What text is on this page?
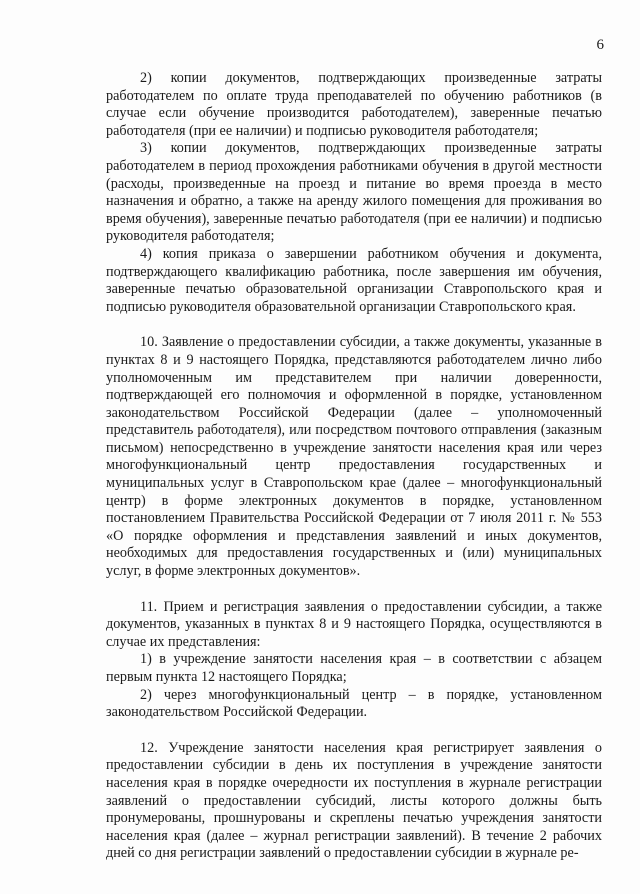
6

2) копии документов, подтверждающих произведенные затраты работодателем по оплате труда преподавателей по обучению работников (в случае если обучение производится работодателем), заверенные печатью работодателя (при ее наличии) и подписью руководителя работодателя;

3) копии документов, подтверждающих произведенные затраты работодателем в период прохождения работниками обучения в другой местности (расходы, произведенные на проезд и питание во время проезда в место назначения и обратно, а также на аренду жилого помещения для проживания во время обучения), заверенные печатью работодателя (при ее наличии) и подписью руководителя работодателя;

4) копия приказа о завершении работником обучения и документа, подтверждающего квалификацию работника, после завершения им обучения, заверенные печатью образовательной организации Ставропольского края и подписью руководителя образовательной организации Ставропольского края.

10. Заявление о предоставлении субсидии, а также документы, указанные в пунктах 8 и 9 настоящего Порядка, представляются работодателем лично либо уполномоченным им представителем при наличии доверенности, подтверждающей его полномочия и оформленной в порядке, установленном законодательством Российской Федерации (далее – уполномоченный представитель работодателя), или посредством почтового отправления (заказным письмом) непосредственно в учреждение занятости населения края или через многофункциональный центр предоставления государственных и муниципальных услуг в Ставропольском крае (далее – многофункциональный центр) в форме электронных документов в порядке, установленном постановлением Правительства Российской Федерации от 7 июля 2011 г. № 553 «О порядке оформления и представления заявлений и иных документов, необходимых для предоставления государственных и (или) муниципальных услуг, в форме электронных документов».

11. Прием и регистрация заявления о предоставлении субсидии, а также документов, указанных в пунктах 8 и 9 настоящего Порядка, осуществляются в случае их представления:

1) в учреждение занятости населения края – в соответствии с абзацем первым пункта 12 настоящего Порядка;

2) через многофункциональный центр – в порядке, установленном законодательством Российской Федерации.

12. Учреждение занятости населения края регистрирует заявления о предоставлении субсидии в день их поступления в учреждение занятости населения края в порядке очередности их поступления в журнале регистрации заявлений о предоставлении субсидий, листы которого должны быть пронумерованы, прошнурованы и скреплены печатью учреждения занятости населения края (далее – журнал регистрации заявлений). В течение 2 рабочих дней со дня регистрации заявлений о предоставлении субсидии в журнале ре-
